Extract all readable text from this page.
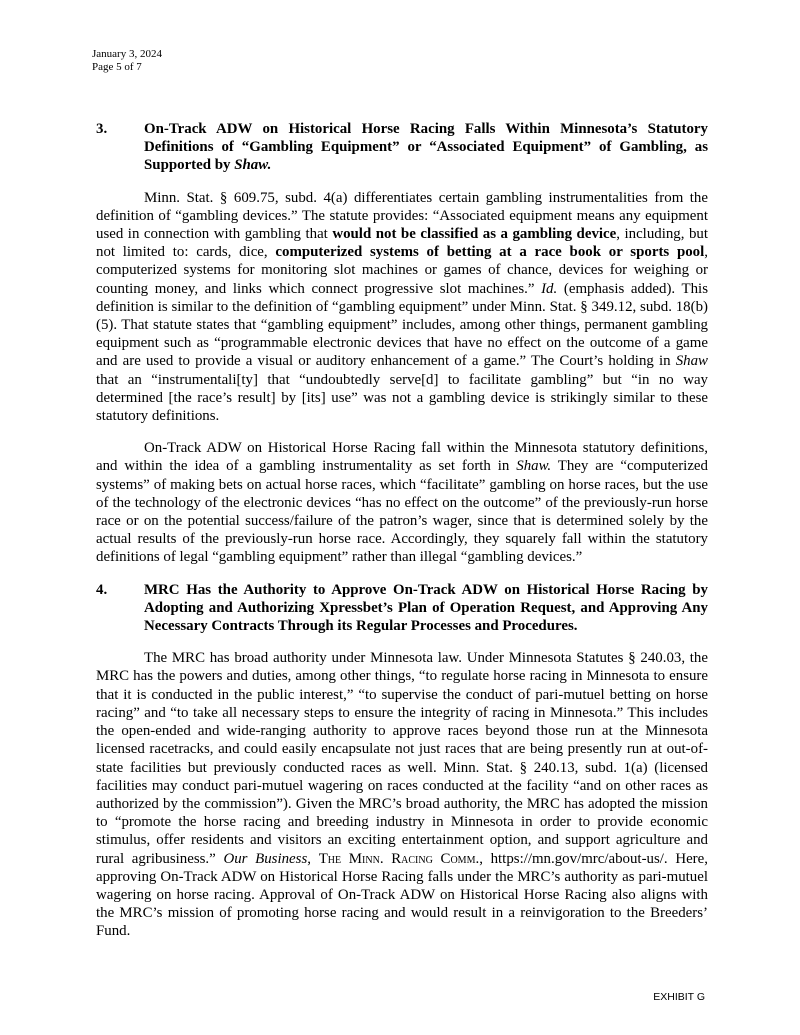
January 3, 2024
Page 5 of 7
3.	On-Track ADW on Historical Horse Racing Falls Within Minnesota’s Statutory Definitions of “Gambling Equipment” or “Associated Equipment” of Gambling, as Supported by Shaw.

Minn. Stat. § 609.75, subd. 4(a) differentiates certain gambling instrumentalities from the definition of “gambling devices.” The statute provides: “Associated equipment means any equipment used in connection with gambling that would not be classified as a gambling device, including, but not limited to: cards, dice, computerized systems of betting at a race book or sports pool, computerized systems for monitoring slot machines or games of chance, devices for weighing or counting money, and links which connect progressive slot machines.” Id. (emphasis added). This definition is similar to the definition of “gambling equipment” under Minn. Stat. § 349.12, subd. 18(b)(5). That statute states that “gambling equipment” includes, among other things, permanent gambling equipment such as “programmable electronic devices that have no effect on the outcome of a game and are used to provide a visual or auditory enhancement of a game.” The Court’s holding in Shaw that an “instrumentali[ty] that “undoubtedly serve[d] to facilitate gambling” but “in no way determined [the race’s result] by [its] use” was not a gambling device is strikingly similar to these statutory definitions.

On-Track ADW on Historical Horse Racing fall within the Minnesota statutory definitions, and within the idea of a gambling instrumentality as set forth in Shaw. They are “computerized systems” of making bets on actual horse races, which “facilitate” gambling on horse races, but the use of the technology of the electronic devices “has no effect on the outcome” of the previously-run horse race or on the potential success/failure of the patron’s wager, since that is determined solely by the actual results of the previously-run horse race. Accordingly, they squarely fall within the statutory definitions of legal “gambling equipment” rather than illegal “gambling devices.”

4.	MRC Has the Authority to Approve On-Track ADW on Historical Horse Racing by Adopting and Authorizing Xpressbet’s Plan of Operation Request, and Approving Any Necessary Contracts Through its Regular Processes and Procedures.

The MRC has broad authority under Minnesota law. Under Minnesota Statutes § 240.03, the MRC has the powers and duties, among other things, “to regulate horse racing in Minnesota to ensure that it is conducted in the public interest,” “to supervise the conduct of pari-mutuel betting on horse racing” and “to take all necessary steps to ensure the integrity of racing in Minnesota.” This includes the open-ended and wide-ranging authority to approve races beyond those run at the Minnesota licensed racetracks, and could easily encapsulate not just races that are being presently run at out-of-state facilities but previously conducted races as well. Minn. Stat. § 240.13, subd. 1(a) (licensed facilities may conduct pari-mutuel wagering on races conducted at the facility “and on other races as authorized by the commission”). Given the MRC’s broad authority, the MRC has adopted the mission to “promote the horse racing and breeding industry in Minnesota in order to provide economic stimulus, offer residents and visitors an exciting entertainment option, and support agriculture and rural agribusiness.” Our Business, The Minn. Racing Comm., https://mn.gov/mrc/about-us/. Here, approving On-Track ADW on Historical Horse Racing falls under the MRC’s authority as pari-mutuel wagering on horse racing. Approval of On-Track ADW on Historical Horse Racing also aligns with the MRC’s mission of promoting horse racing and would result in a reinvigoration to the Breeders’ Fund.

EXHIBIT G
